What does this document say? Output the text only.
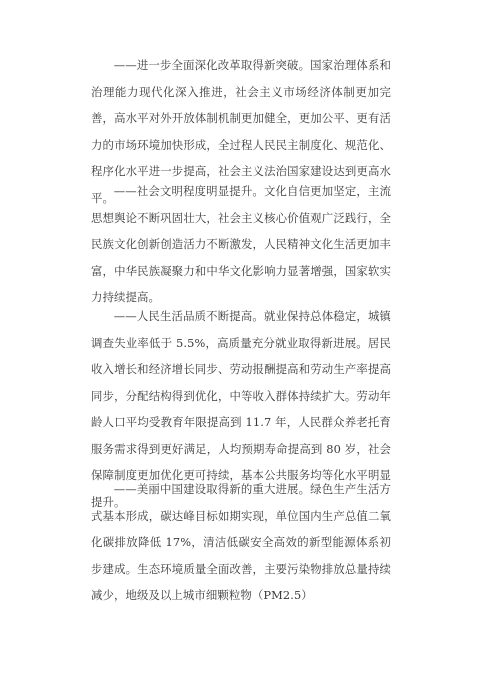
——进一步全面深化改革取得新突破。国家治理体系和治理能力现代化深入推进，社会主义市场经济体制更加完善，高水平对外开放体制机制更加健全，更加公平、更有活力的市场环境加快形成，全过程人民民主制度化、规范化、程序化水平进一步提高，社会主义法治国家建设达到更高水平。 ——社会文明程度明显提升。文化自信更加坚定，主流思想舆论不断巩固壮大，社会主义核心价值观广泛践行，全民族文化创新创造活力不断激发，人民精神文化生活更加丰富，中华民族凝聚力和中华文化影响力显著增强，国家软实力持续提高。

——人民生活品质不断提高。就业保持总体稳定，城镇调查失业率低于 5.5%，高质量充分就业取得新进展。居民收入增长和经济增长同步、劳动报酬提高和劳动生产率提高同步，分配结构得到优化，中等收入群体持续扩大。劳动年龄人口平均受教育年限提高到 11.7 年，人民群众养老托育服务需求得到更好满足，人均预期寿命提高到 80 岁，社会保障制度更加优化更可持续，基本公共服务均等化水平明显提升。

——美丽中国建设取得新的重大进展。绿色生产生活方式基本形成，碳达峰目标如期实现，单位国内生产总值二氧化碳排放降低 17%，清洁低碳安全高效的新型能源体系初步建成。生态环境质量全面改善，主要污染物排放总量持续减少，地级及以上城市细颗粒物（PM2.5）
